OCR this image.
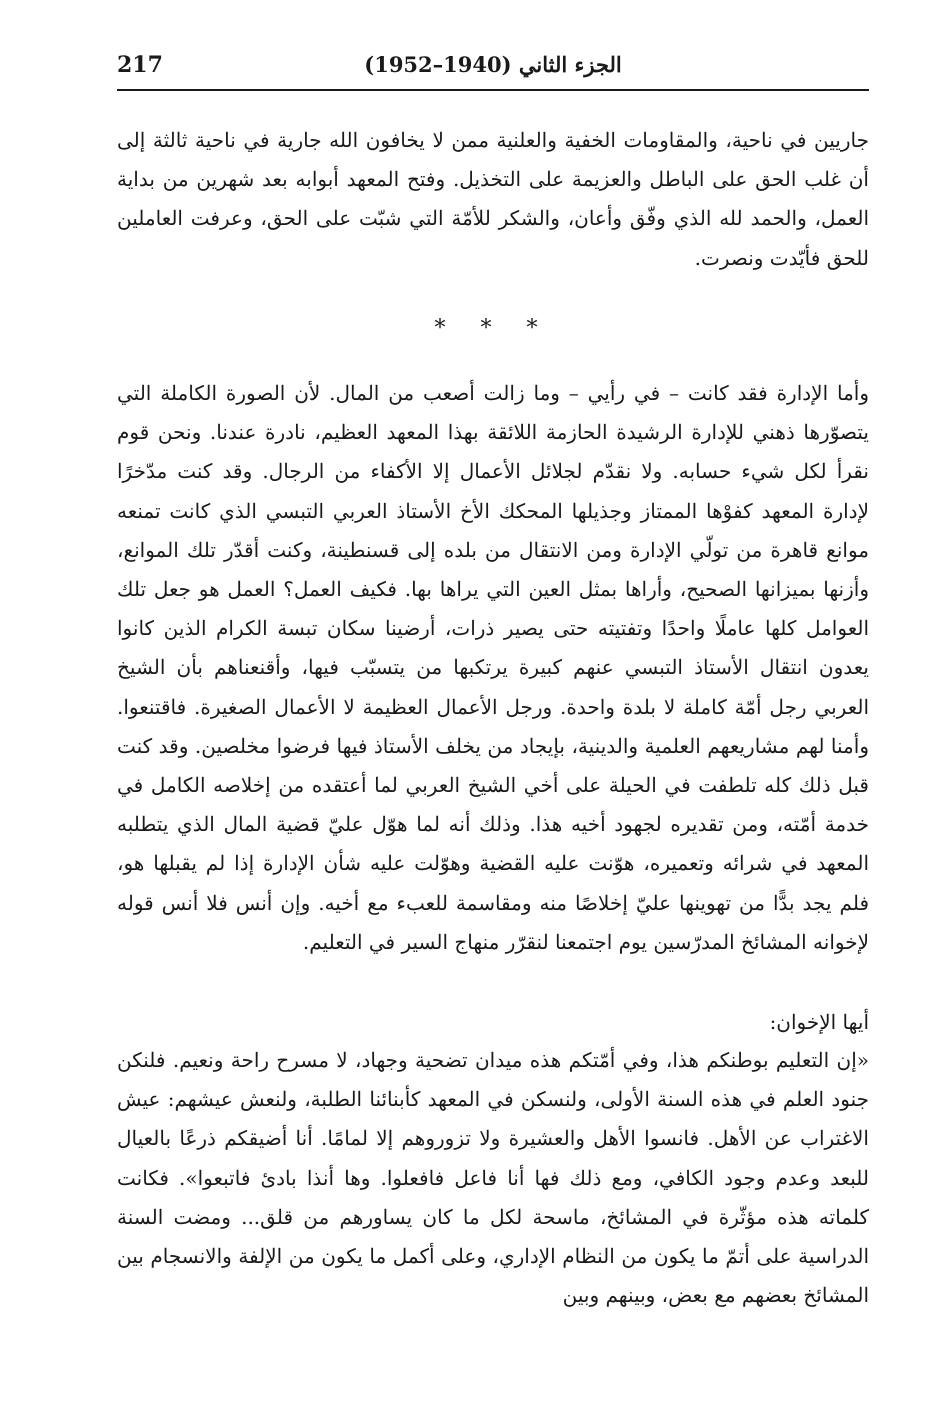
217	الجزء الثاني (1940–1952)

جاريين في ناحية، والمقاومات الخفية والعلنية ممن لا يخافون الله جارية في ناحية ثالثة إلى أن غلب الحق على الباطل والعزيمة على التخذيل. وفتح المعهد أبوابه بعد شهرين من بداية العمل، والحمد لله الذي وفّق وأعان، والشكر للأمّة التي شبّت على الحق، وعرفت العاملين للحق فأيّدت ونصرت.

* * *

وأما الإدارة فقد كانت – في رأيي – وما زالت أصعب من المال. لأن الصورة الكاملة التي يتصوّرها ذهني للإدارة الرشيدة الحازمة اللائقة بهذا المعهد العظيم، نادرة عندنا. ونحن قوم نقرأ لكل شيء حسابه. ولا نقدّم لجلائل الأعمال إلا الأكفاء من الرجال. وقد كنت مدّخرًا لإدارة المعهد كفوْها الممتاز وجذيلها المحكك الأخ الأستاذ العربي التبسي الذي كانت تمنعه موانع قاهرة من تولّي الإدارة ومن الانتقال من بلده إلى قسنطينة، وكنت أقدّر تلك الموانع، وأزنها بميزانها الصحيح، وأراها بمثل العين التي يراها بها. فكيف العمل؟ العمل هو جعل تلك العوامل كلها عاملًا واحدًا وتفتيته حتى يصير ذرات، أرضينا سكان تبسة الكرام الذين كانوا يعدون انتقال الأستاذ التبسي عنهم كبيرة يرتكبها من يتسبّب فيها، وأقنعناهم بأن الشيخ العربي رجل أمّة كاملة لا بلدة واحدة. ورجل الأعمال العظيمة لا الأعمال الصغيرة. فاقتنعوا. وأمنا لهم مشاريعهم العلمية والدينية، بإيجاد من يخلف الأستاذ فيها فرضوا مخلصين. وقد كنت قبل ذلك كله تلطفت في الحيلة على أخي الشيخ العربي لما أعتقده من إخلاصه الكامل في خدمة أمّته، ومن تقديره لجهود أخيه هذا. وذلك أنه لما هوّل عليّ قضية المال الذي يتطلبه المعهد في شرائه وتعميره، هوّنت عليه القضية وهوّلت عليه شأن الإدارة إذا لم يقبلها هو، فلم يجد بدًّا من تهوينها عليّ إخلاصًا منه ومقاسمة للعبء مع أخيه. وإن أنس فلا أنس قوله لإخوانه المشائخ المدرّسين يوم اجتمعنا لنقرّر منهاج السير في التعليم.

أيها الإخوان:

«إن التعليم بوطنكم هذا، وفي أمّتكم هذه ميدان تضحية وجهاد، لا مسرح راحة ونعيم. فلنكن جنود العلم في هذه السنة الأولى، ولنسكن في المعهد كأبنائنا الطلبة، ولنعش عيشهم: عيش الاغتراب عن الأهل. فانسوا الأهل والعشيرة ولا تزوروهم إلا لمامًا. أنا أضيقكم ذرعًا بالعيال للبعد وعدم وجود الكافي، ومع ذلك فها أنا فاعل فافعلوا. وها أنذا بادئ فاتبعوا». فكانت كلماته هذه مؤثّرة في المشائخ، ماسحة لكل ما كان يساورهم من قلق... ومضت السنة الدراسية على أتمّ ما يكون من النظام الإداري، وعلى أكمل ما يكون من الإلفة والانسجام بين المشائخ بعضهم مع بعض، وبينهم وبين
